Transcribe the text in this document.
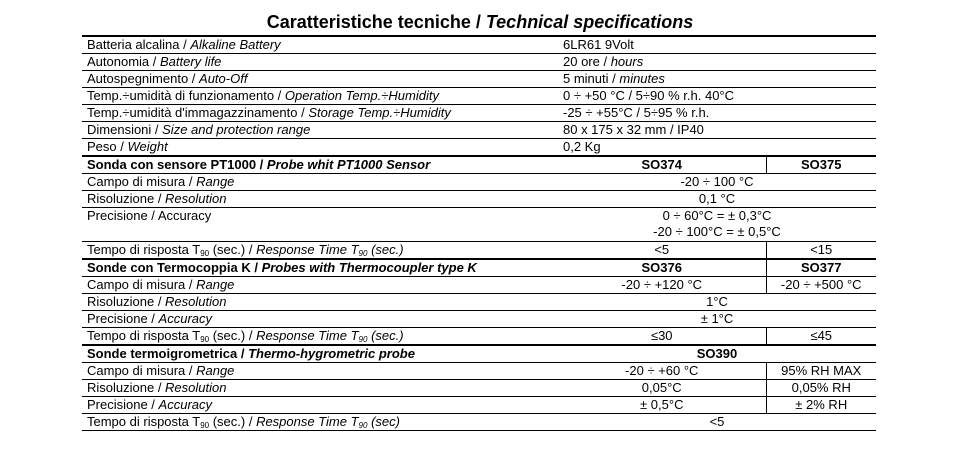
Caratteristiche tecniche / Technical specifications
Batteria alcalina / Alkaline Battery	6LR61 9Volt	
Autonomia / Battery life	20 ore / hours	
Autospegnimento / Auto-Off	5 minuti / minutes	
Temp.÷umidità di funzionamento / Operation Temp.÷Humidity	0 ÷ +50 °C / 5÷90 % r.h. 40°C	
Temp.÷umidità d'immagazzinamento / Storage Temp.÷Humidity	-25 ÷ +55°C / 5÷95 % r.h.	
Dimensioni / Size and protection range	80 x 175 x 32 mm / IP40	
Peso / Weight	0,2 Kg	
Sonda con sensore PT1000 / Probe whit PT1000 Sensor	SO374	SO375
Campo di misura / Range	-20 ÷ 100 °C	
Risoluzione / Resolution	0,1 °C	
Precisione / Accuracy	0 ÷ 60°C = ± 0,3°C
-20 ÷ 100°C = ± 0,5°C	

Tempo di risposta $T_{90}$ (sec.) / Response Time $T_{90}$ (sec.)	<5	<15
Sonde con Termocoppia K / Probes with Thermocoupler type K	SO376	SO377
Campo di misura / Range	-20 ÷ +120 °C	-20 ÷ +500 °C
Risoluzione / Resolution	1°C	
Precisione / Accuracy	± 1°C	
Tempo di risposta $T_{90}$ (sec.) / Response Time $T_{90}$ (sec.)	≤30	≤45
Sonde termoigrometrica / Thermo-hygrometric probe	SO390	
Campo di misura / Range	-20 ÷ +60 °C	95% RH MAX
Risoluzione / Resolution	0,05°C	0,05% RH
Precisione / Accuracy	± 0,5°C	± 2% RH
Tempo di risposta $T_{90}$ (sec.) / Response Time $T_{90}$ (sec)	<5	
